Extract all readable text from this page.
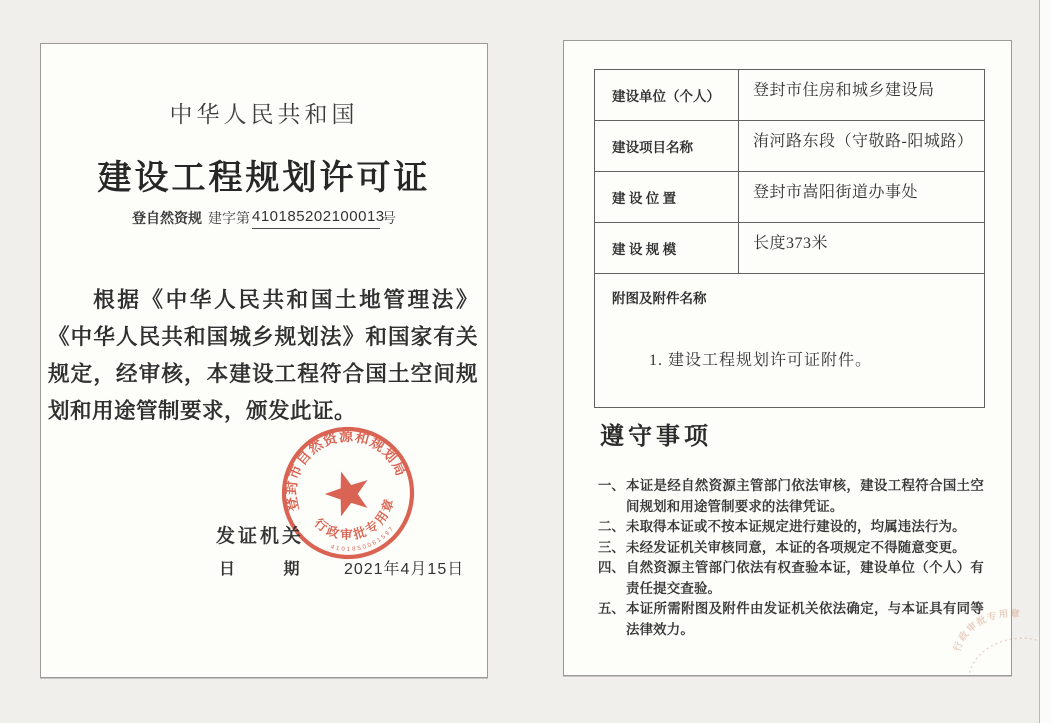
中华人民共和国
建设工程规划许可证
登自然资规 建字第 410185202100013号
根据《中华人民共和国土地管理法》《中华人民共和国城乡规划法》和国家有关规定，经审核，本建设工程符合国土空间规划和用途管制要求，颁发此证。
登封市自然资源和规划局
行政审批专用章
4101850061597
发证机关
日	期	2021年4月15日
建设单位（个人）	登封市住房和城乡建设局
建设项目名称	洧河路东段（守敬路-阳城路）
建 设 位 置	登封市嵩阳街道办事处
建 设 规 模	长度373米

附图及附件名称
1. 建设工程规划许可证附件。	
遵守事项
一、 本证是经自然资源主管部门依法审核，建设工程符合国土空间规划和用途管制要求的法律凭证。
二、 未取得本证或不按本证规定进行建设的，均属违法行为。
三、 未经发证机关审核同意，本证的各项规定不得随意变更。
四、 自然资源主管部门依法有权查验本证，建设单位（个人）有责任提交查验。
五、 本证所需附图及附件由发证机关依法确定，与本证具有同等法律效力。
行政审批专用章
